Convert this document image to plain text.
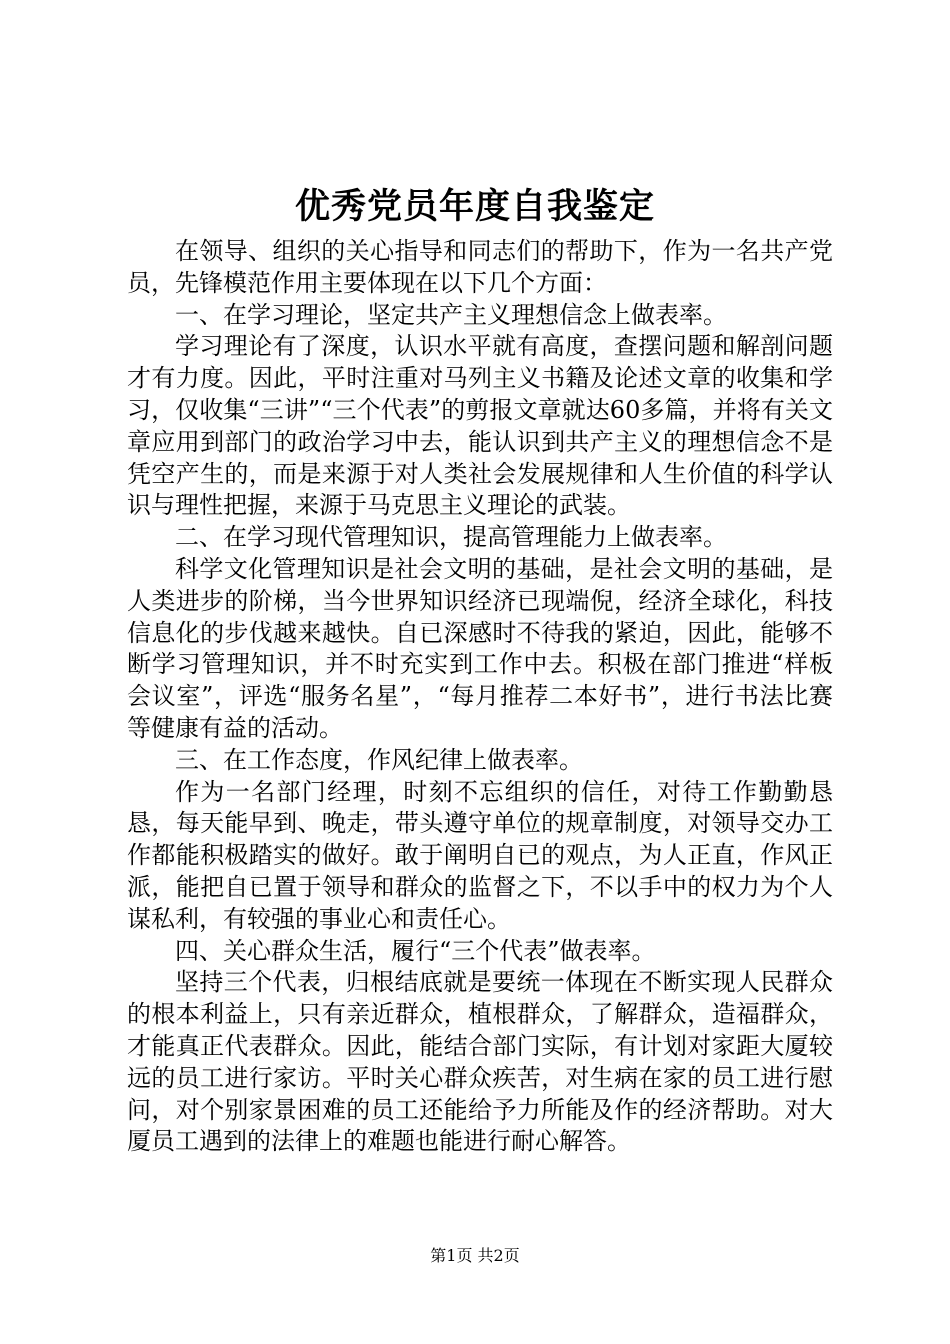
优秀党员年度自我鉴定

在领导、组织的关心指导和同志们的帮助下，作为一名共产党员，先锋模范作用主要体现在以下几个方面：

一、在学习理论，坚定共产主义理想信念上做表率。

学习理论有了深度，认识水平就有高度，查摆问题和解剖问题才有力度。因此，平时注重对马列主义书籍及论述文章的收集和学习，仅收集“三讲”“三个代表”的剪报文章就达60多篇，并将有关文章应用到部门的政治学习中去，能认识到共产主义的理想信念不是凭空产生的，而是来源于对人类社会发展规律和人生价值的科学认识与理性把握，来源于马克思主义理论的武装。

二、在学习现代管理知识，提高管理能力上做表率。

科学文化管理知识是社会文明的基础，是社会文明的基础，是人类进步的阶梯，当今世界知识经济已现端倪，经济全球化，科技信息化的步伐越来越快。自已深感时不待我的紧迫，因此，能够不断学习管理知识，并不时充实到工作中去。积极在部门推进“样板会议室”，评选“服务名星”，“每月推荐二本好书”，进行书法比赛等健康有益的活动。

三、在工作态度，作风纪律上做表率。

作为一名部门经理，时刻不忘组织的信任，对待工作勤勤恳恳，每天能早到、晚走，带头遵守单位的规章制度，对领导交办工作都能积极踏实的做好。敢于阐明自已的观点，为人正直，作风正派，能把自已置于领导和群众的监督之下，不以手中的权力为个人谋私利，有较强的事业心和责任心。

四、关心群众生活，履行“三个代表”做表率。

坚持三个代表，归根结底就是要统一体现在不断实现人民群众的根本利益上，只有亲近群众，植根群众，了解群众，造福群众，才能真正代表群众。因此，能结合部门实际，有计划对家距大厦较远的员工进行家访。平时关心群众疾苦，对生病在家的员工进行慰问，对个别家景困难的员工还能给予力所能及作的经济帮助。对大厦员工遇到的法律上的难题也能进行耐心解答。

第1页 共2页
